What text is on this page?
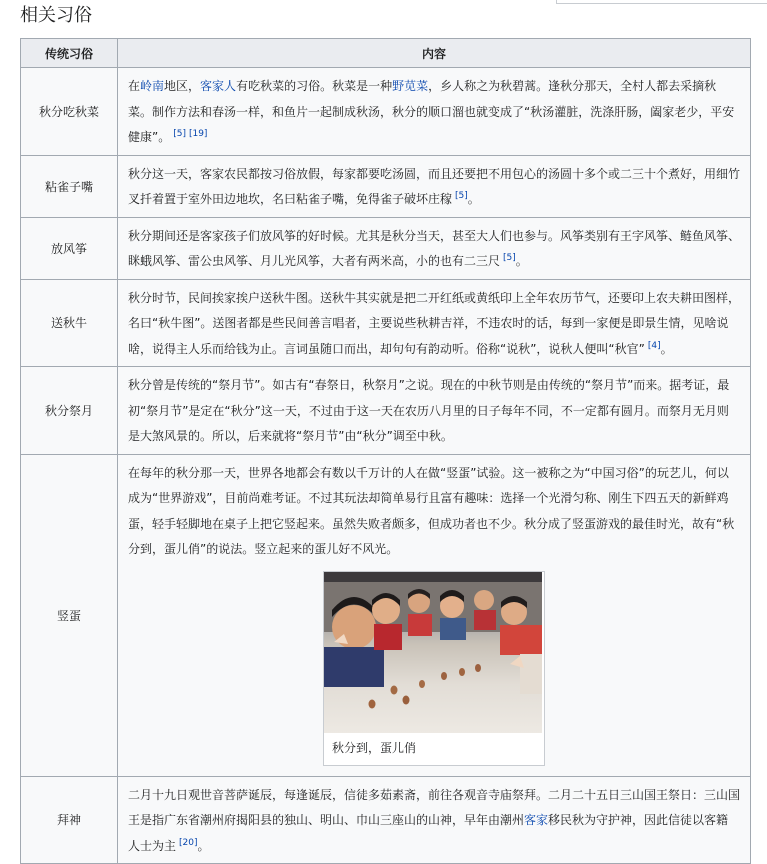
相关习俗
传统习俗	内容
秋分吃秋菜	在岭南地区，客家人有吃秋菜的习俗。秋菜是一种野苋菜，乡人称之为秋碧蒿。逢秋分那天，全村人都去采摘秋菜。制作方法和春汤一样，和鱼片一起制成秋汤，秋分的顺口溜也就变成了“秋汤灌脏，洗涤肝肠，阖家老少，平安健康”。 [5] [19]

粘雀子嘴	秋分这一天，客家农民都按习俗放假，每家都要吃汤圆，而且还要把不用包心的汤圆十多个或二三十个煮好，用细竹叉扦着置于室外田边地坎，名曰粘雀子嘴，免得雀子破坏庄稼 [5]。

放风筝	秋分期间还是客家孩子们放风筝的好时候。尤其是秋分当天，甚至大人们也参与。风筝类别有王字风筝、鲢鱼风筝、眯蛾风筝、雷公虫风筝、月儿光风筝，大者有两米高，小的也有二三尺 [5]。

送秋牛	秋分时节，民间挨家挨户送秋牛图。送秋牛其实就是把二开红纸或黄纸印上全年农历节气，还要印上农夫耕田图样，名曰“秋牛图”。送图者都是些民间善言唱者，主要说些秋耕吉祥，不违农时的话，每到一家便是即景生情，见啥说啥，说得主人乐而给钱为止。言词虽随口而出，却句句有韵动听。俗称“说秋”，说秋人便叫“秋官” [4]。

秋分祭月	秋分曾是传统的“祭月节”。如古有“春祭日，秋祭月”之说。现在的中秋节则是由传统的“祭月节”而来。据考证，最初“祭月节”是定在“秋分”这一天，不过由于这一天在农历八月里的日子每年不同，不一定都有圆月。而祭月无月则是大煞风景的。所以，后来就将“祭月节”由“秋分”调至中秋。

竖蛋	在每年的秋分那一天，世界各地都会有数以千万计的人在做“竖蛋”试验。这一被称之为“中国习俗”的玩艺儿，何以成为“世界游戏”，目前尚难考证。不过其玩法却简单易行且富有趣味：选择一个光滑匀称、刚生下四五天的新鲜鸡蛋，轻手轻脚地在桌子上把它竖起来。虽然失败者颇多，但成功者也不少。秋分成了竖蛋游戏的最佳时光，故有“秋分到，蛋儿俏”的说法。竖立起来的蛋儿好不风光。
秋分到，蛋儿俏

拜神	二月十九日观世音菩萨诞辰，每逢诞辰，信徒多茹素斋，前往各观音寺庙祭拜。二月二十五日三山国王祭日：三山国王是指广东省潮州府揭阳县的独山、明山、巾山三座山的山神，早年由潮州客家移民秋为守护神，因此信徒以客籍人士为主 [20]。
